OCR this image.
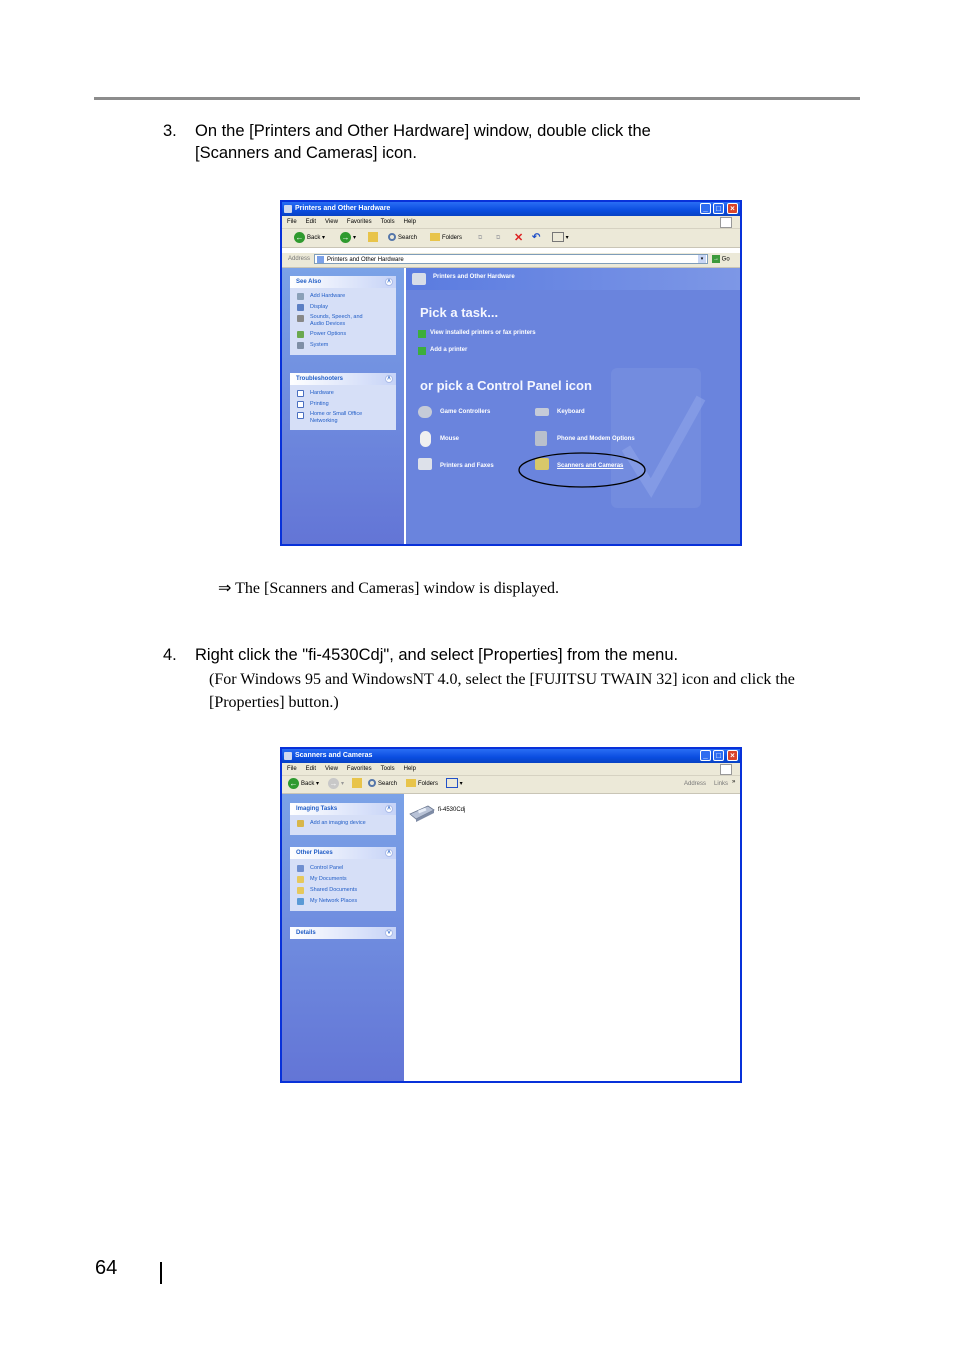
3. On the [Printers and Other Hardware] window, double click the
[Scanners and Cameras] icon.
Printers and Other Hardware	_	□	×
File Edit View Favorites Tools Help
← Back ▾ → ▾	Search	Folders	⧉ ⧉ ✕ ↶	▾
Address	Printers and Other Hardware	▾	→ Go
See Also	˄
Add Hardware
Display
Sounds, Speech, and
Audio Devices
Power Options
System
Troubleshooters	˄
Hardware
Printing
Home or Small Office
Networking
Printers and Other Hardware
Pick a task...
View installed printers or fax printers
Add a printer
or pick a Control Panel icon
Game Controllers	Keyboard
Mouse	Phone and Modem Options
Printers and Faxes	Scanners and Cameras
⇒ The [Scanners and Cameras] window is displayed.
4. Right click the "fi-4530Cdj", and select [Properties] from the menu.
(For Windows 95 and WindowsNT 4.0, select the [FUJITSU TWAIN 32] icon and click the
[Properties] button.)
Scanners and Cameras	_	□	×
File Edit View Favorites Tools Help
← Back ▾ → ▾	Search	Folders	▾	Address Links »
Imaging Tasks	˄
Add an imaging device
Other Places	˄
Control Panel
My Documents
Shared Documents
My Network Places
Details	˅
fi-4530Cdj
64
